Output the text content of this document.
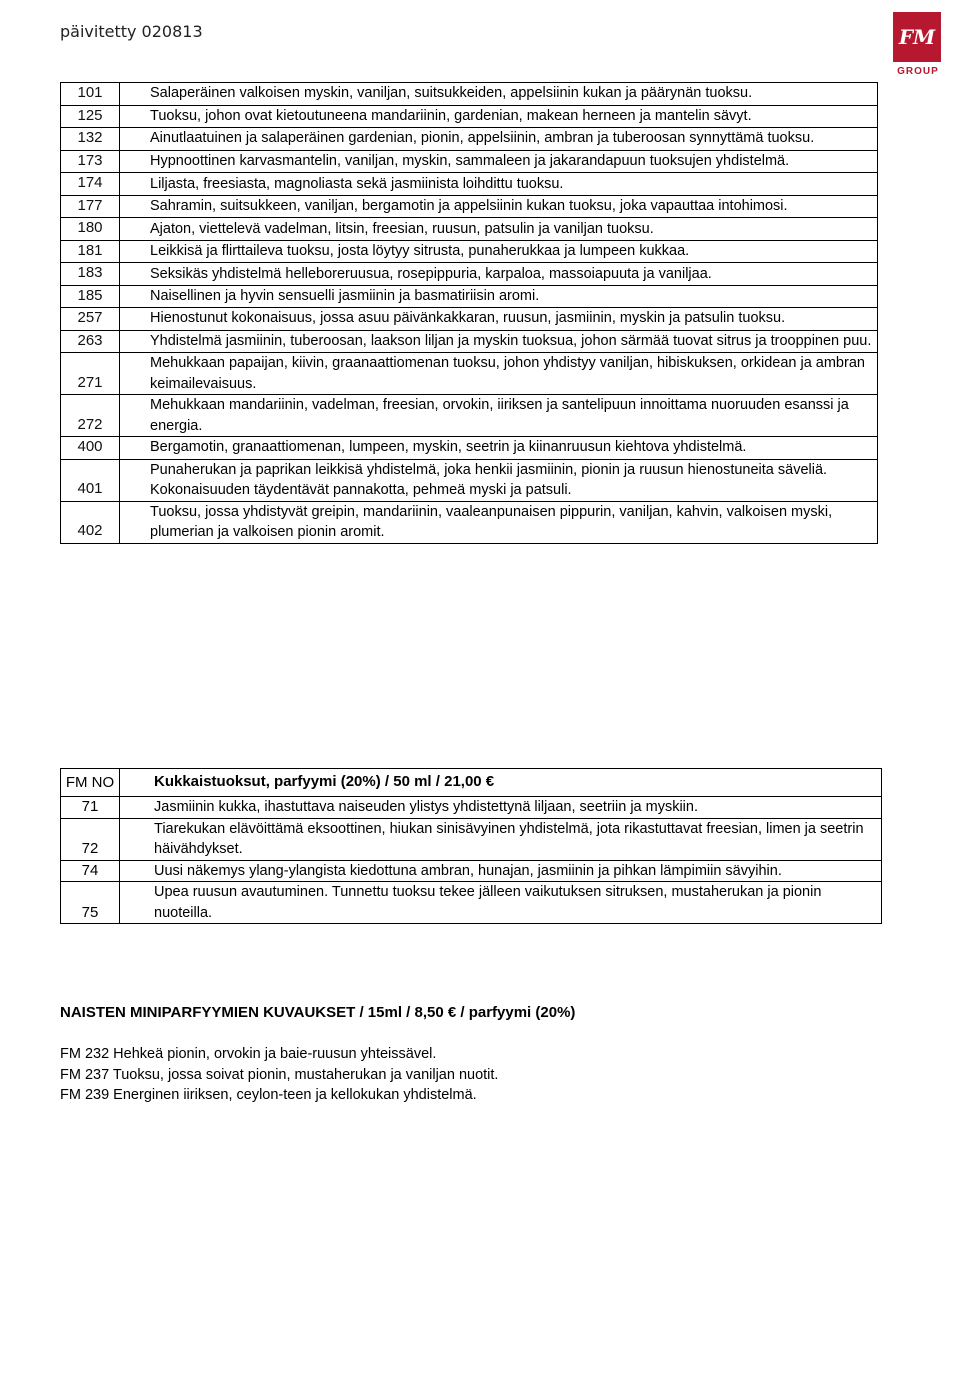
päivitetty 020813	FM
GROUP
101	Salaperäinen valkoisen myskin, vaniljan, suitsukkeiden, appelsiinin kukan ja päärynän tuoksu.
125	Tuoksu, johon ovat kietoutuneena mandariinin, gardenian, makean herneen ja mantelin sävyt.
132	Ainutlaatuinen ja salaperäinen gardenian, pionin, appelsiinin, ambran ja tuberoosan synnyttämä tuoksu.
173	Hypnoottinen karvasmantelin, vaniljan, myskin, sammaleen ja jakarandapuun tuoksujen yhdistelmä.
174	Liljasta, freesiasta, magnoliasta sekä jasmiinista loihdittu tuoksu.
177	Sahramin, suitsukkeen, vaniljan, bergamotin ja appelsiinin kukan tuoksu, joka vapauttaa intohimosi.
180	Ajaton, viettelevä vadelman, litsin, freesian, ruusun, patsulin ja vaniljan tuoksu.
181	Leikkisä ja flirttaileva tuoksu, josta löytyy sitrusta, punaherukkaa ja lumpeen kukkaa.
183	Seksikäs yhdistelmä helleboreruusua, rosepippuria, karpaloa, massoiapuuta ja vaniljaa.
185	Naisellinen ja hyvin sensuelli jasmiinin ja basmatiriisin aromi.
257	Hienostunut kokonaisuus, jossa asuu päivänkakkaran, ruusun, jasmiinin, myskin ja patsulin tuoksu.
263	Yhdistelmä jasmiinin, tuberoosan, laakson liljan ja myskin tuoksua, johon särmää tuovat sitrus ja trooppinen puu.
271	Mehukkaan papaijan, kiivin, graanaattiomenan tuoksu, johon yhdistyy vaniljan, hibiskuksen, orkidean ja ambran keimailevaisuus.
272	Mehukkaan mandariinin, vadelman, freesian, orvokin, iiriksen ja santelipuun innoittama nuoruuden esanssi ja energia.
400	Bergamotin, granaattiomenan, lumpeen, myskin, seetrin ja kiinanruusun kiehtova yhdistelmä.
401	Punaherukan ja paprikan leikkisä yhdistelmä, joka henkii jasmiinin, pionin ja ruusun hienostuneita säveliä. Kokonaisuuden täydentävät pannakotta, pehmeä myski ja patsuli.
402	Tuoksu, jossa yhdistyvät greipin, mandariinin, vaaleanpunaisen pippurin, vaniljan, kahvin, valkoisen myski, plumerian ja valkoisen pionin aromit.
FM NO	Kukkaistuoksut, parfyymi (20%) / 50 ml / 21,00 €
71	Jasmiinin kukka, ihastuttava naiseuden ylistys yhdistettynä liljaan, seetriin ja myskiin.
72	Tiarekukan elävöittämä eksoottinen, hiukan sinisävyinen yhdistelmä, jota rikastuttavat freesian, limen ja seetrin häivähdykset.
74	Uusi näkemys ylang-ylangista kiedottuna ambran, hunajan, jasmiinin ja pihkan lämpimiin sävyihin.
75	Upea ruusun avautuminen. Tunnettu tuoksu tekee jälleen vaikutuksen sitruksen, mustaherukan ja pionin nuoteilla.
NAISTEN MINIPARFYYMIEN KUVAUKSET / 15ml / 8,50 € / parfyymi (20%)
FM 232 Hehkeä pionin, orvokin ja baie-ruusun yhteissävel.
FM 237 Tuoksu, jossa soivat pionin, mustaherukan ja vaniljan nuotit.
FM 239 Energinen iiriksen, ceylon-teen ja kellokukan yhdistelmä.
